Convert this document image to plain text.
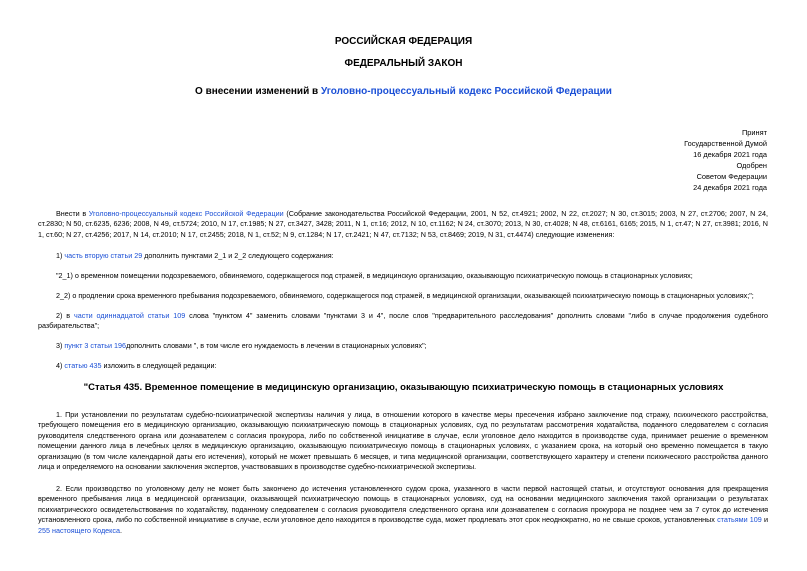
РОССИЙСКАЯ ФЕДЕРАЦИЯ
ФЕДЕРАЛЬНЫЙ ЗАКОН
О внесении изменений в Уголовно-процессуальный кодекс Российской Федерации
Принят
Государственной Думой
16 декабря 2021 года
Одобрен
Советом Федерации
24 декабря 2021 года
Внести в Уголовно-процессуальный кодекс Российской Федерации (Собрание законодательства Российской Федерации, 2001, N 52, ст.4921; 2002, N 22, ст.2027; N 30, ст.3015; 2003, N 27, ст.2706; 2007, N 24, ст.2830; N 50, ст.6235, 6236; 2008, N 49, ст.5724; 2010, N 17, ст.1985; N 27, ст.3427, 3428; 2011, N 1, ст.16; 2012, N 10, ст.1162; N 24, ст.3070; 2013, N 30, ст.4028; N 48, ст.6161, 6165; 2015, N 1, ст.47; N 27, ст.3981; 2016, N 1, ст.60; N 27, ст.4256; 2017, N 14, ст.2010; N 17, ст.2455; 2018, N 1, ст.52; N 9, ст.1284; N 17, ст.2421; N 47, ст.7132; N 53, ст.8469; 2019, N 31, ст.4474) следующие изменения:
1) часть вторую статьи 29 дополнить пунктами 2_1 и 2_2 следующего содержания:
"2_1) о временном помещении подозреваемого, обвиняемого, содержащегося под стражей, в медицинскую организацию, оказывающую психиатрическую помощь в стационарных условиях;
2_2) о продлении срока временного пребывания подозреваемого, обвиняемого, содержащегося под стражей, в медицинской организации, оказывающей психиатрическую помощь в стационарных условиях;";
2) в части одиннадцатой статьи 109 слова "пунктом 4" заменить словами "пунктами 3 и 4", после слов "предварительного расследования" дополнить словами "либо в случае продолжения судебного разбирательства";
3) пункт 3 статьи 196дополнить словами ", в том числе его нуждаемость в лечении в стационарных условиях";
4) статью 435 изложить в следующей редакции:
"Статья 435. Временное помещение в медицинскую организацию, оказывающую психиатрическую помощь в стационарных условиях
1. При установлении по результатам судебно-психиатрической экспертизы наличия у лица, в отношении которого в качестве меры пресечения избрано заключение под стражу, психического расстройства, требующего помещения его в медицинскую организацию, оказывающую психиатрическую помощь в стационарных условиях, суд по результатам рассмотрения ходатайства, поданного следователем с согласия руководителя следственного органа или дознавателем с согласия прокурора, либо по собственной инициативе в случае, если уголовное дело находится в производстве суда, принимает решение о временном помещении данного лица в лечебных целях в медицинскую организацию, оказывающую психиатрическую помощь в стационарных условиях, с указанием срока, на который оно временно помещается в такую организацию (в том числе календарной даты его истечения), который не может превышать 6 месяцев, и типа медицинской организации, соответствующего характеру и степени психического расстройства данного лица и определяемого на основании заключения экспертов, участвовавших в производстве судебно-психиатрической экспертизы.
2. Если производство по уголовному делу не может быть закончено до истечения установленного судом срока, указанного в части первой настоящей статьи, и отсутствуют основания для прекращения временного пребывания лица в медицинской организации, оказывающей психиатрическую помощь в стационарных условиях, суд на основании медицинского заключения такой организации о результатах психиатрического освидетельствования по ходатайству, поданному следователем с согласия руководителя следственного органа или дознавателем с согласия прокурора не позднее чем за 7 суток до истечения установленного срока, либо по собственной инициативе в случае, если уголовное дело находится в производстве суда, может продлевать этот срок неоднократно, но не свыше сроков, установленных статьями 109 и 255 настоящего Кодекса.
